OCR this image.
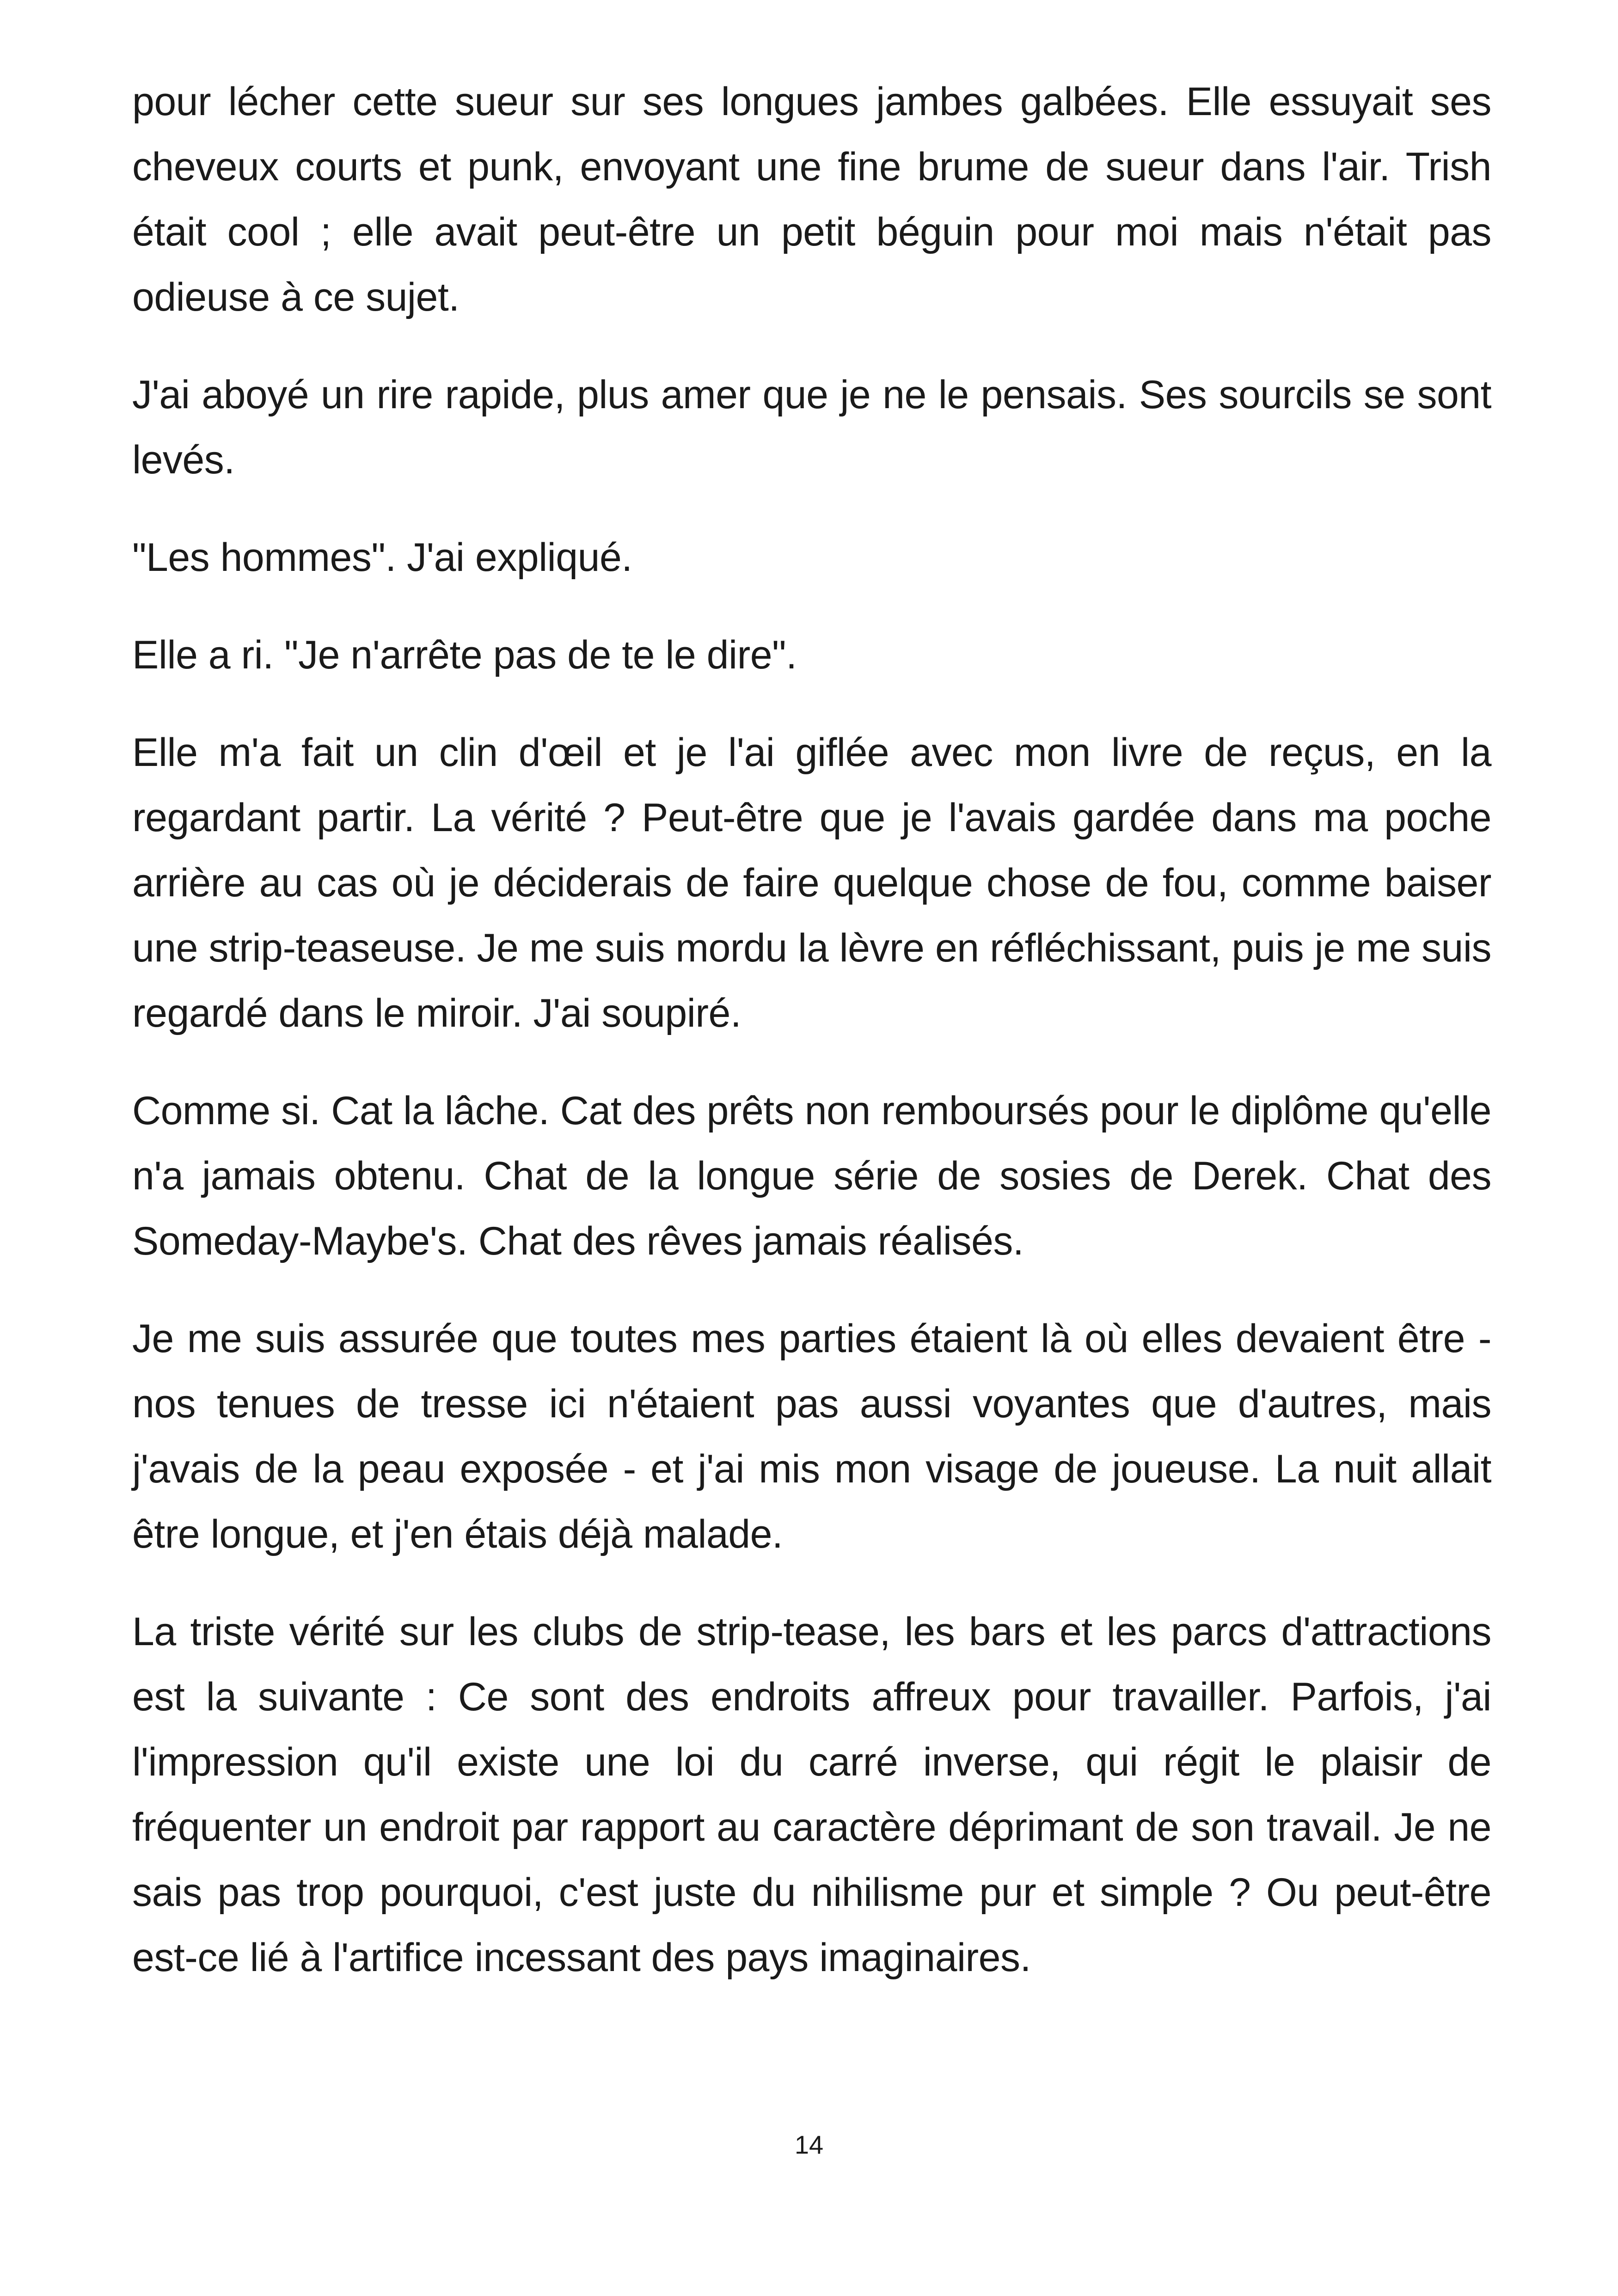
pour lécher cette sueur sur ses longues jambes galbées. Elle essuyait ses cheveux courts et punk, envoyant une fine brume de sueur dans l'air. Trish était cool ; elle avait peut-être un petit béguin pour moi mais n'était pas odieuse à ce sujet.

J'ai aboyé un rire rapide, plus amer que je ne le pensais. Ses sourcils se sont levés.

"Les hommes". J'ai expliqué.

Elle a ri. "Je n'arrête pas de te le dire".

Elle m'a fait un clin d'œil et je l'ai giflée avec mon livre de reçus, en la regardant partir. La vérité ? Peut-être que je l'avais gardée dans ma poche arrière au cas où je déciderais de faire quelque chose de fou, comme baiser une strip-teaseuse. Je me suis mordu la lèvre en réfléchissant, puis je me suis regardé dans le miroir. J'ai soupiré.

Comme si. Cat la lâche. Cat des prêts non remboursés pour le diplôme qu'elle n'a jamais obtenu. Chat de la longue série de sosies de Derek. Chat des Someday-Maybe's. Chat des rêves jamais réalisés.

Je me suis assurée que toutes mes parties étaient là où elles devaient être - nos tenues de tresse ici n'étaient pas aussi voyantes que d'autres, mais j'avais de la peau exposée - et j'ai mis mon visage de joueuse. La nuit allait être longue, et j'en étais déjà malade.

La triste vérité sur les clubs de strip-tease, les bars et les parcs d'attractions est la suivante : Ce sont des endroits affreux pour travailler. Parfois, j'ai l'impression qu'il existe une loi du carré inverse, qui régit le plaisir de fréquenter un endroit par rapport au caractère déprimant de son travail. Je ne sais pas trop pourquoi, c'est juste du nihilisme pur et simple ? Ou peut-être est-ce lié à l'artifice incessant des pays imaginaires.

14
